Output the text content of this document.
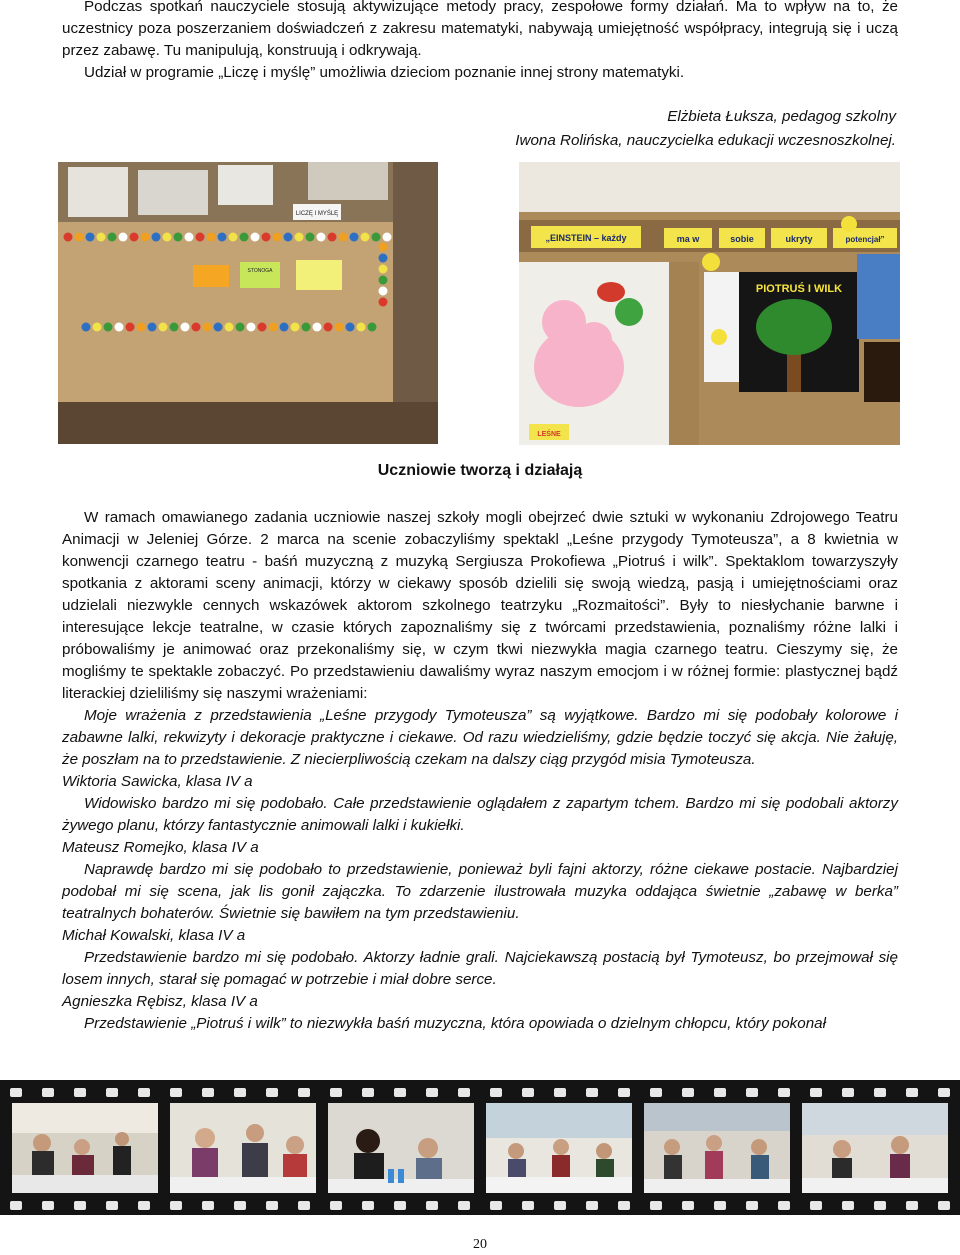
Podczas spotkań nauczyciele stosują aktywizujące metody pracy, zespołowe formy działań. Ma to wpływ na to, że uczestnicy poza poszerzaniem doświadczeń z zakresu matematyki, nabywają umiejętność współpracy, integrują się i uczą przez zabawę. Tu manipulują, konstruują i odkrywają.
Udział w programie „Liczę i myślę” umożliwia dzieciom poznanie innej strony matematyki.
Elżbieta Łuksza, pedagog szkolny
Iwona Rolińska, nauczycielka edukacji wczesnoszkolnej.
LICZĘ I MYŚLĘ
STONOGA
„EINSTEIN – każdy	ma w	sobie	ukryty	potencjał”
PIOTRUŚ I WILK
LEŚNE
Uczniowie tworzą i działają

W ramach omawianego zadania uczniowie naszej szkoły mogli obejrzeć dwie sztuki w wykonaniu Zdrojowego Teatru Animacji w Jeleniej Górze. 2 marca na scenie zobaczyliśmy spektakl „Leśne przygody Tymoteusza”, a 8 kwietnia w konwencji czarnego teatru - baśń muzyczną z muzyką Sergiusza Prokofiewa „Piotruś i wilk”. Spektaklom towarzyszyły spotkania z aktorami sceny animacji, którzy w ciekawy sposób dzielili się swoją wiedzą, pasją i umiejętnościami oraz udzielali niezwykle cennych wskazówek aktorom szkolnego teatrzyku „Rozmaitości”. Były to niesłychanie barwne i interesujące lekcje teatralne, w czasie których zapoznaliśmy się z twórcami przedstawienia, poznaliśmy różne lalki i próbowaliśmy je animować oraz przekonaliśmy się, w czym tkwi niezwykła magia czarnego teatru. Cieszymy się, że mogliśmy te spektakle zobaczyć. Po przedstawieniu dawaliśmy wyraz naszym emocjom i w różnej formie: plastycznej bądź literackiej dzieliliśmy się naszymi wrażeniami:

Moje wrażenia z przedstawienia „Leśne przygody Tymoteusza” są wyjątkowe. Bardzo mi się podobały kolorowe i zabawne lalki, rekwizyty i dekoracje praktyczne i ciekawe. Od razu wiedzieliśmy, gdzie będzie toczyć się akcja. Nie żałuję, że poszłam na to przedstawienie. Z niecierpliwością czekam na dalszy ciąg przygód misia Tymoteusza.

Wiktoria Sawicka, klasa IV a

Widowisko bardzo mi się podobało. Całe przedstawienie oglądałem z zapartym tchem. Bardzo mi się podobali aktorzy żywego planu, którzy fantastycznie animowali lalki i kukiełki.

Mateusz Romejko, klasa IV a

Naprawdę bardzo mi się podobało to przedstawienie, ponieważ byli fajni aktorzy, różne ciekawe postacie. Najbardziej podobał mi się scena, jak lis gonił zajączka. To zdarzenie ilustrowała muzyka oddająca świetnie „zabawę w berka” teatralnych bohaterów. Świetnie się bawiłem na tym przedstawieniu.

Michał Kowalski, klasa IV a

Przedstawienie bardzo mi się podobało. Aktorzy ładnie grali. Najciekawszą postacią był Tymoteusz, bo przejmował się losem innych, starał się pomagać w potrzebie i miał dobre serce.

Agnieszka Rębisz, klasa IV a

Przedstawienie „Piotruś i wilk” to niezwykła baśń muzyczna, która opowiada o dzielnym chłopcu, który pokonał

20
